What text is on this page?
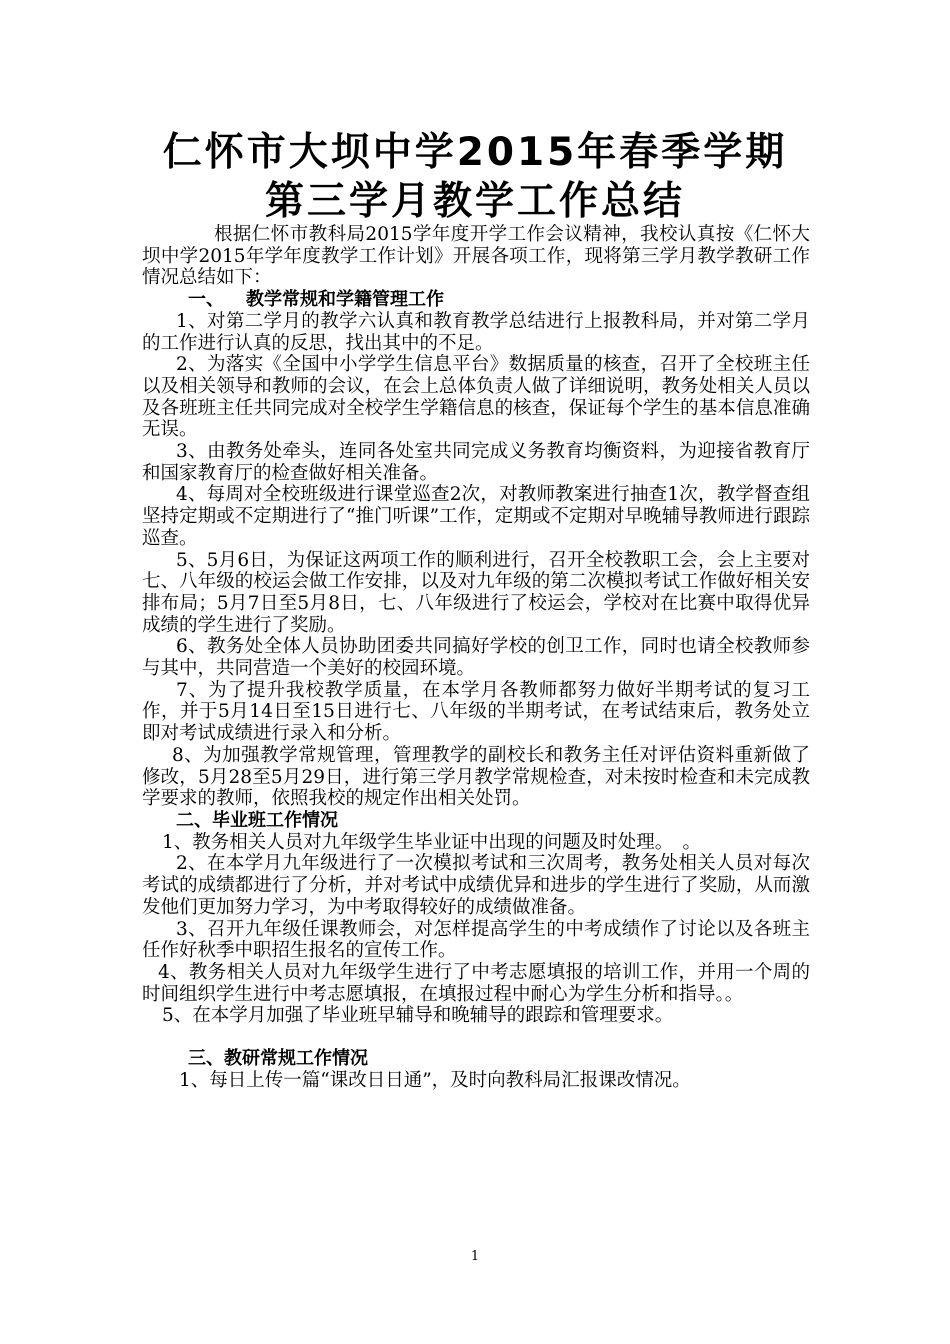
仁怀市大坝中学2015年春季学期
第三学月教学工作总结

根据仁怀市教科局2015学年度开学工作会议精神，我校认真按《仁怀大坝中学2015年学年度教学工作计划》开展各项工作，现将第三学月教学教研工作情况总结如下：

一、 教学常规和学籍管理工作

1、对第二学月的教学六认真和教育教学总结进行上报教科局，并对第二学月的工作进行认真的反思，找出其中的不足。

2、为落实《全国中小学学生信息平台》数据质量的核查，召开了全校班主任以及相关领导和教师的会议，在会上总体负责人做了详细说明，教务处相关人员以及各班班主任共同完成对全校学生学籍信息的核查，保证每个学生的基本信息准确无误。

3、由教务处牵头，连同各处室共同完成义务教育均衡资料，为迎接省教育厅和国家教育厅的检查做好相关准备。

4、每周对全校班级进行课堂巡查2次，对教师教案进行抽查1次，教学督查组坚持定期或不定期进行了“推门听课”工作，定期或不定期对早晚辅导教师进行跟踪巡查。

5、5月6日，为保证这两项工作的顺利进行，召开全校教职工会，会上主要对七、八年级的校运会做工作安排，以及对九年级的第二次模拟考试工作做好相关安排布局；5月7日至5月8日，七、八年级进行了校运会，学校对在比赛中取得优异成绩的学生进行了奖励。

6、教务处全体人员协助团委共同搞好学校的创卫工作，同时也请全校教师参与其中，共同营造一个美好的校园环境。

7、为了提升我校教学质量，在本学月各教师都努力做好半期考试的复习工作，并于5月14日至15日进行七、八年级的半期考试，在考试结束后，教务处立即对考试成绩进行录入和分析。

8、为加强教学常规管理，管理教学的副校长和教务主任对评估资料重新做了修改，5月28至5月29日，进行第三学月教学常规检查，对未按时检查和未完成教学要求的教师，依照我校的规定作出相关处罚。

二、毕业班工作情况

1、教务相关人员对九年级学生毕业证中出现的问题及时处理。　。

2、在本学月九年级进行了一次模拟考试和三次周考，教务处相关人员对每次考试的成绩都进行了分析，并对考试中成绩优异和进步的学生进行了奖励，从而激发他们更加努力学习，为中考取得较好的成绩做准备。

3、召开九年级任课教师会，对怎样提高学生的中考成绩作了讨论以及各班主任作好秋季中职招生报名的宣传工作。

4、教务相关人员对九年级学生进行了中考志愿填报的培训工作，并用一个周的时间组织学生进行中考志愿填报，在填报过程中耐心为学生分析和指导。。

5、在本学月加强了毕业班早辅导和晚辅导的跟踪和管理要求。

三、教研常规工作情况

1、每日上传一篇“课改日日通”，及时向教科局汇报课改情况。

1
